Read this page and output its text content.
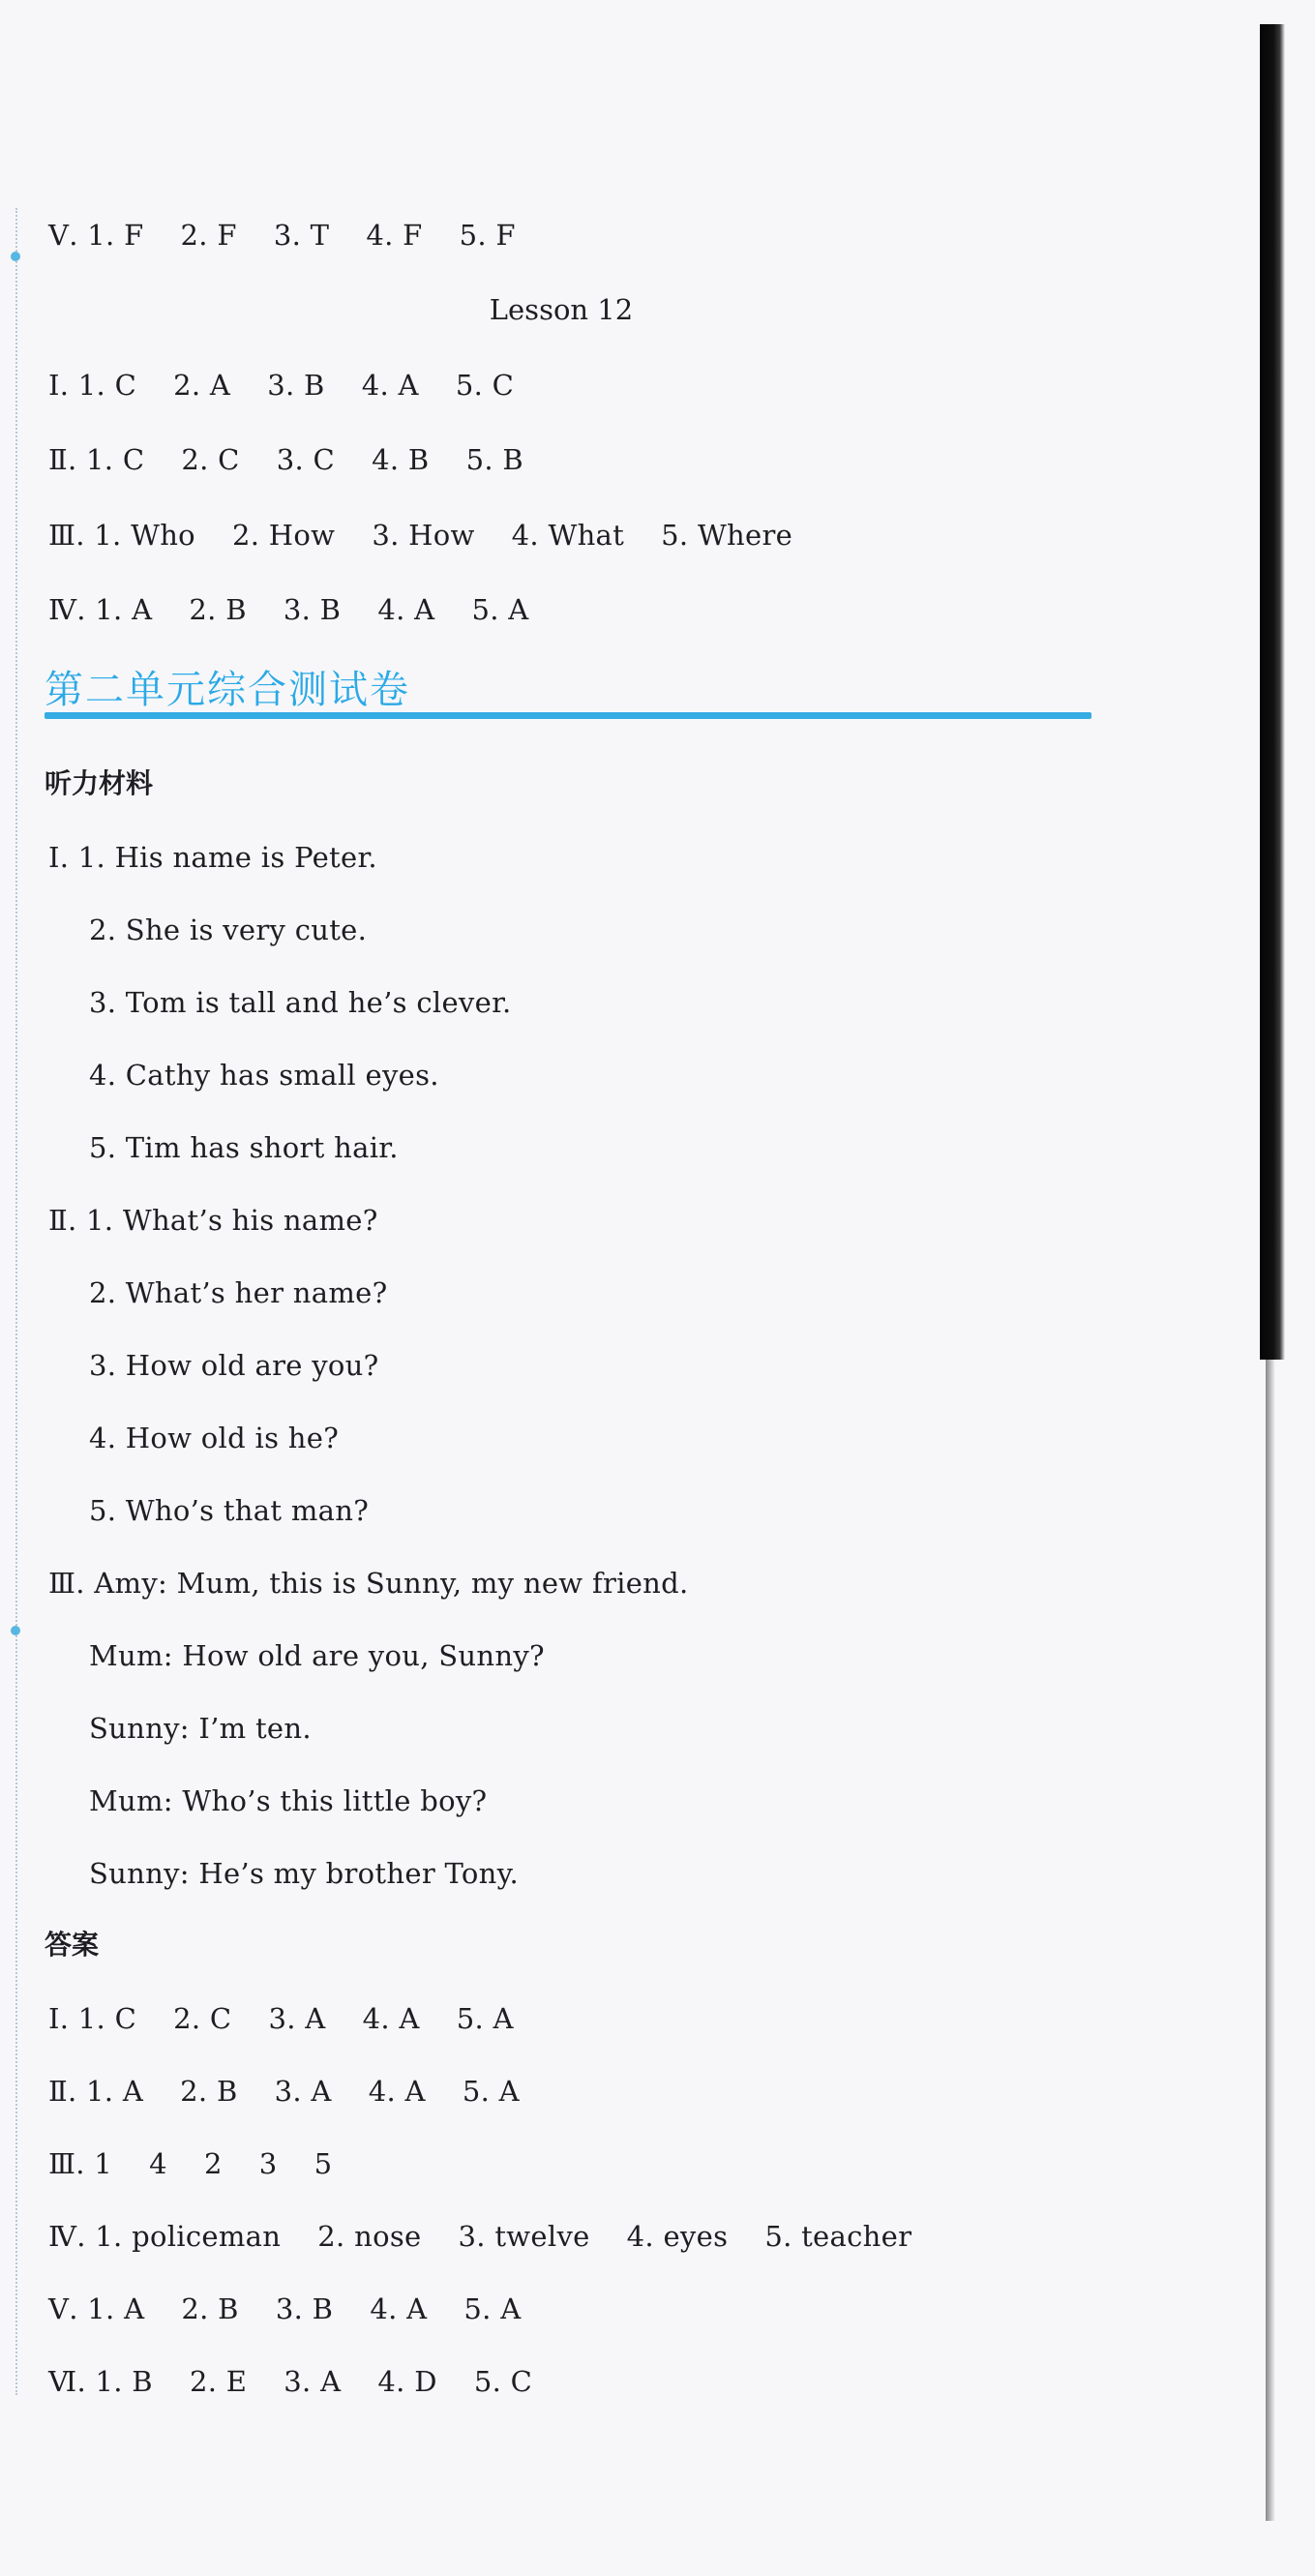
Ⅴ. 1. F    2. F    3. T    4. F    5. F
Lesson 12
Ⅰ. 1. C    2. A    3. B    4. A    5. C
Ⅱ. 1. C    2. C    3. C    4. B    5. B
Ⅲ. 1. Who    2. How    3. How    4. What    5. Where
Ⅳ. 1. A    2. B    3. B    4. A    5. A
第二单元综合测试卷
听力材料
Ⅰ. 1. His name is Peter.
2. She is very cute.
3. Tom is tall and he’s clever.
4. Cathy has small eyes.
5. Tim has short hair.
Ⅱ. 1. What’s his name?
2. What’s her name?
3. How old are you?
4. How old is he?
5. Who’s that man?
Ⅲ. Amy: Mum, this is Sunny, my new friend.
Mum: How old are you, Sunny?
Sunny: I’m ten.
Mum: Who’s this little boy?
Sunny: He’s my brother Tony.
答案
Ⅰ. 1. C    2. C    3. A    4. A    5. A
Ⅱ. 1. A    2. B    3. A    4. A    5. A
Ⅲ. 1    4    2    3    5
Ⅳ. 1. policeman    2. nose    3. twelve    4. eyes    5. teacher
Ⅴ. 1. A    2. B    3. B    4. A    5. A
Ⅵ. 1. B    2. E    3. A    4. D    5. C
